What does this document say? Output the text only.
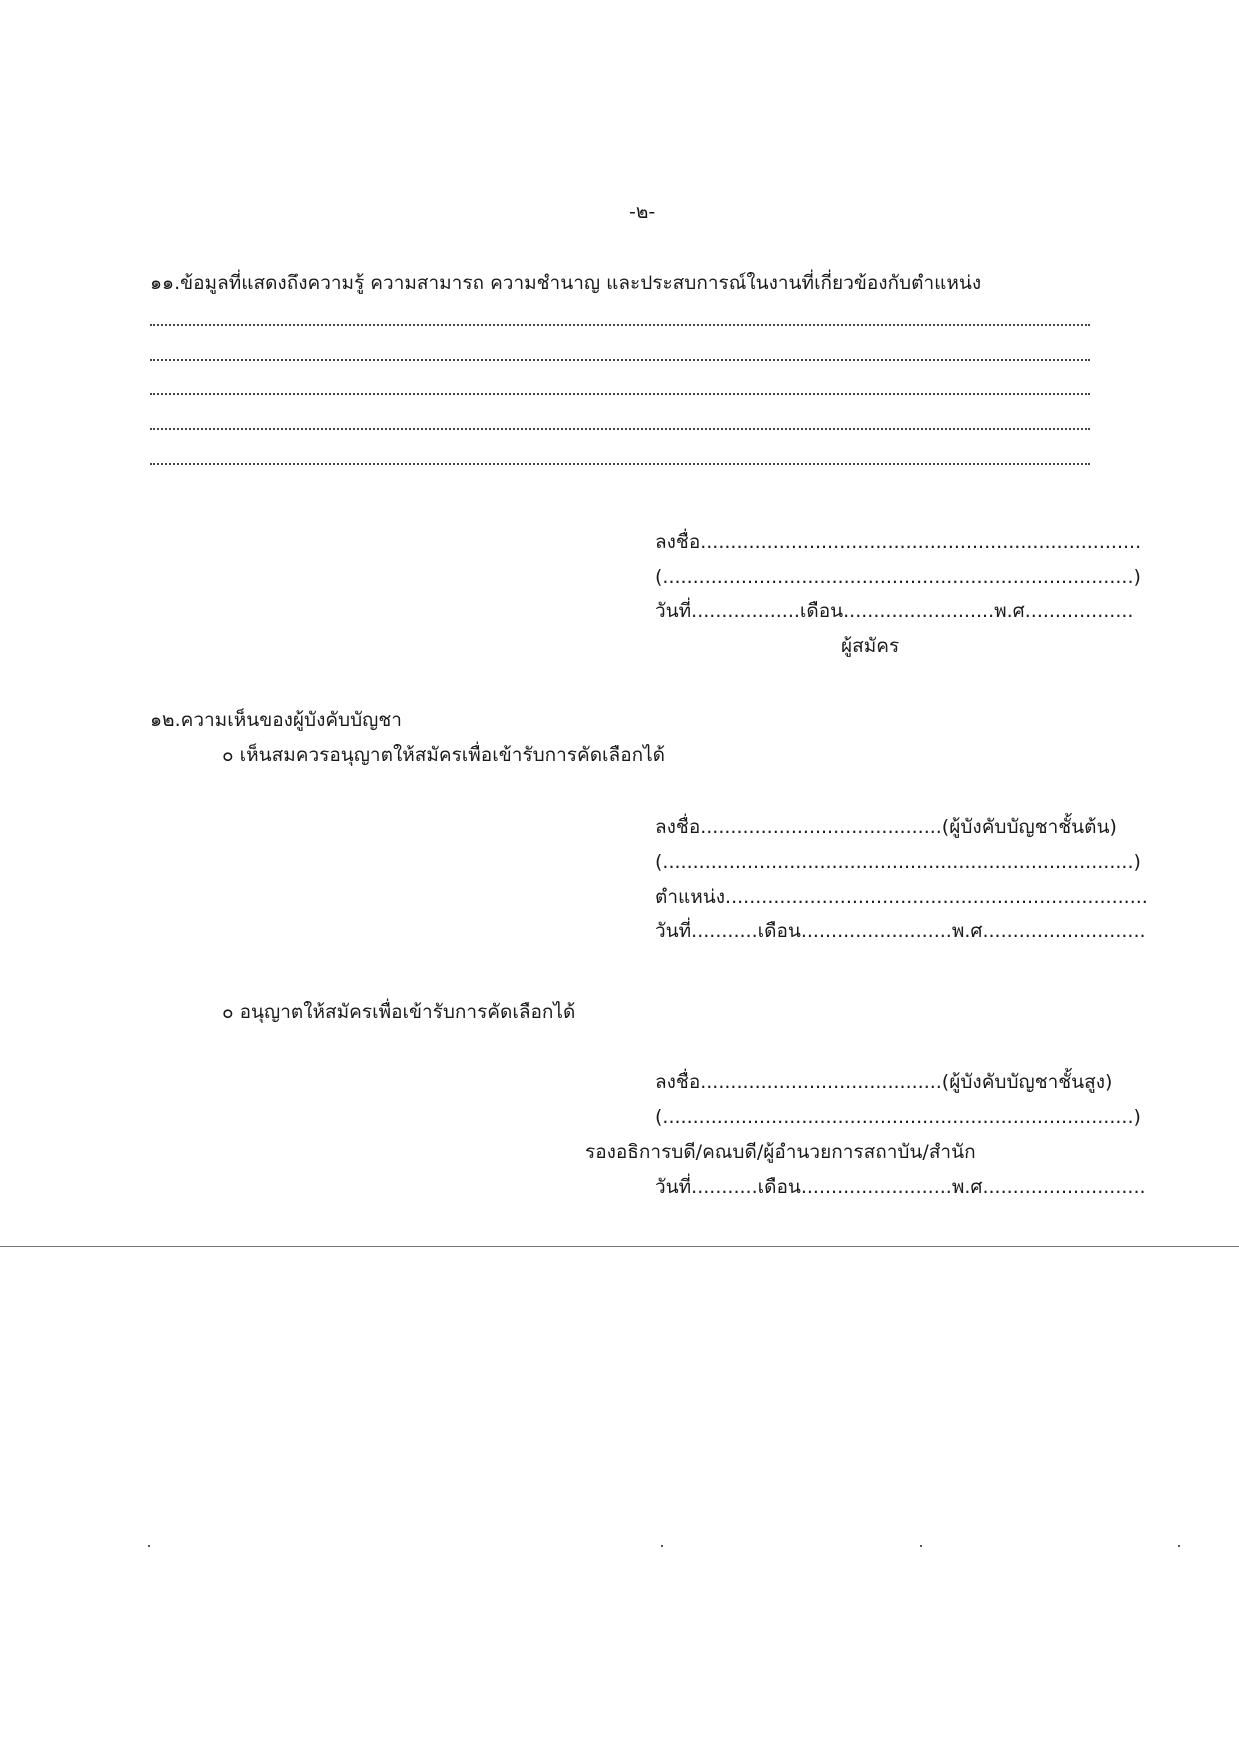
-๒-
๑๑.ข้อมูลที่แสดงถึงความรู้ ความสามารถ ความชำนาญ และประสบการณ์ในงานที่เกี่ยวข้องกับตำแหน่ง
ลงชื่อ.........................................................................
(..............................................................................)
วันที่..................เดือน.........................พ.ศ..................
ผู้สมัคร
๑๒.ความเห็นของผู้บังคับบัญชา
๐ เห็นสมควรอนุญาตให้สมัครเพื่อเข้ารับการคัดเลือกได้
ลงชื่อ........................................(ผู้บังคับบัญชาชั้นต้น)
(..............................................................................)
ตำแหน่ง......................................................................
วันที่...........เดือน.........................พ.ศ...........................
๐ อนุญาตให้สมัครเพื่อเข้ารับการคัดเลือกได้
ลงชื่อ........................................(ผู้บังคับบัญชาชั้นสูง)
(..............................................................................)
รองอธิการบดี/คณบดี/ผู้อำนวยการสถาบัน/สำนัก
วันที่...........เดือน.........................พ.ศ...........................
